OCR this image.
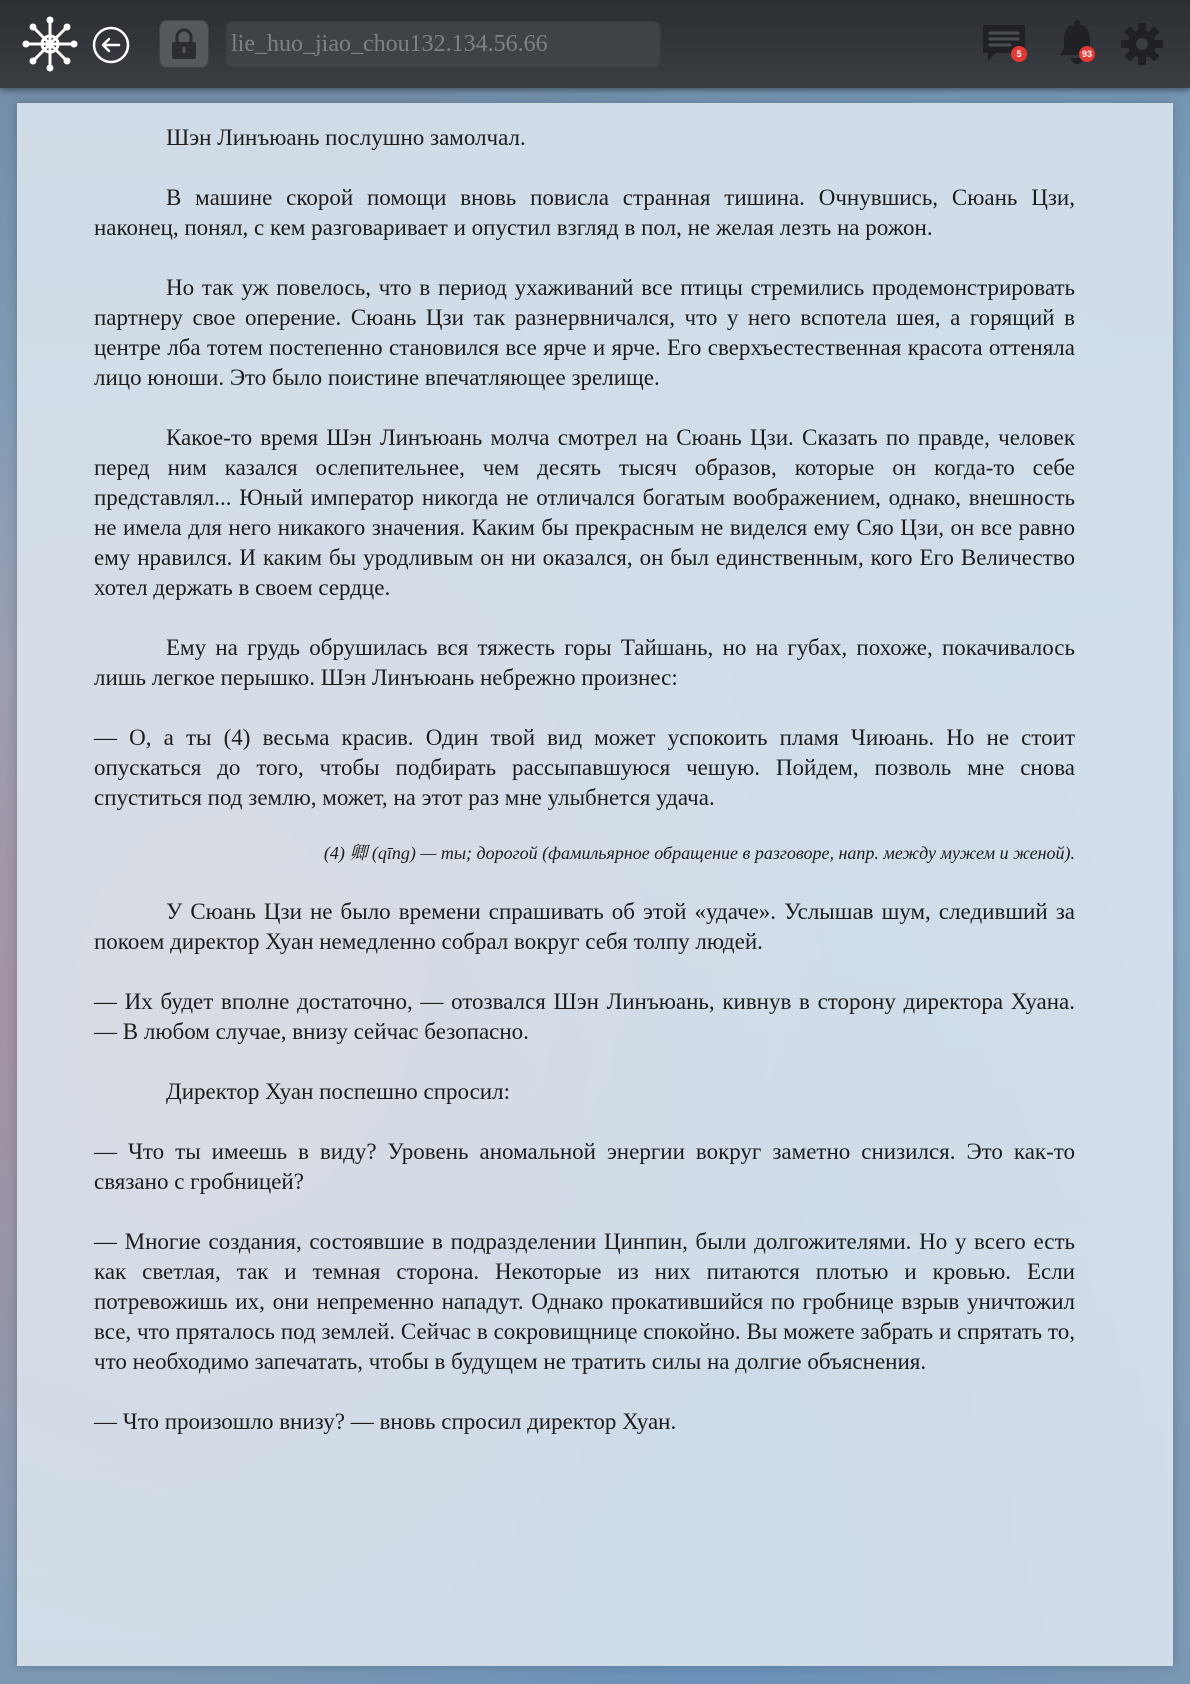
lie_huo_jiao_chou132.134.56.66	5	93

Шэн Линъюань послушно замолчал.

В машине скорой помощи вновь повисла странная тишина. Очнувшись, Сюань Цзи, наконец, понял, с кем разговаривает и опустил взгляд в пол, не желая лезть на рожон.

Но так уж повелось, что в период ухаживаний все птицы стремились продемонстрировать партнеру свое оперение. Сюань Цзи так разнервничался, что у него вспотела шея, а горящий в центре лба тотем постепенно становился все ярче и ярче. Его сверхъестественная красота оттеняла лицо юноши. Это было поистине впечатляющее зрелище.

Какое-то время Шэн Линъюань молча смотрел на Сюань Цзи. Сказать по правде, человек перед ним казался ослепительнее, чем десять тысяч образов, которые он когда-то себе представлял... Юный император никогда не отличался богатым воображением, однако, внешность не имела для него никакого значения. Каким бы прекрасным не виделся ему Сяо Цзи, он все равно ему нравился. И каким бы уродливым он ни оказался, он был единственным, кого Его Величество хотел держать в своем сердце.

Ему на грудь обрушилась вся тяжесть горы Тайшань, но на губах, похоже, покачивалось лишь легкое перышко. Шэн Линъюань небрежно произнес:

— О, а ты (4) весьма красив. Один твой вид может успокоить пламя Чиюань. Но не стоит опускаться до того, чтобы подбирать рассыпавшуюся чешую. Пойдем, позволь мне снова спуститься под землю, может, на этот раз мне улыбнется удача.

(4) 卿 (qīng) — ты; дорогой (фамильярное обращение в разговоре, напр. между мужем и женой).

У Сюань Цзи не было времени спрашивать об этой «удаче». Услышав шум, следивший за покоем директор Хуан немедленно собрал вокруг себя толпу людей.

— Их будет вполне достаточно, — отозвался Шэн Линъюань, кивнув в сторону директора Хуана. — В любом случае, внизу сейчас безопасно.

Директор Хуан поспешно спросил:

— Что ты имеешь в виду? Уровень аномальной энергии вокруг заметно снизился. Это как-то связано с гробницей?

— Многие создания, состоявшие в подразделении Цинпин, были долгожителями. Но у всего есть как светлая, так и темная сторона. Некоторые из них питаются плотью и кровью. Если потревожишь их, они непременно нападут. Однако прокатившийся по гробнице взрыв уничтожил все, что пряталось под землей. Сейчас в сокровищнице спокойно. Вы можете забрать и спрятать то, что необходимо запечатать, чтобы в будущем не тратить силы на долгие объяснения.

— Что произошло внизу? — вновь спросил директор Хуан.
